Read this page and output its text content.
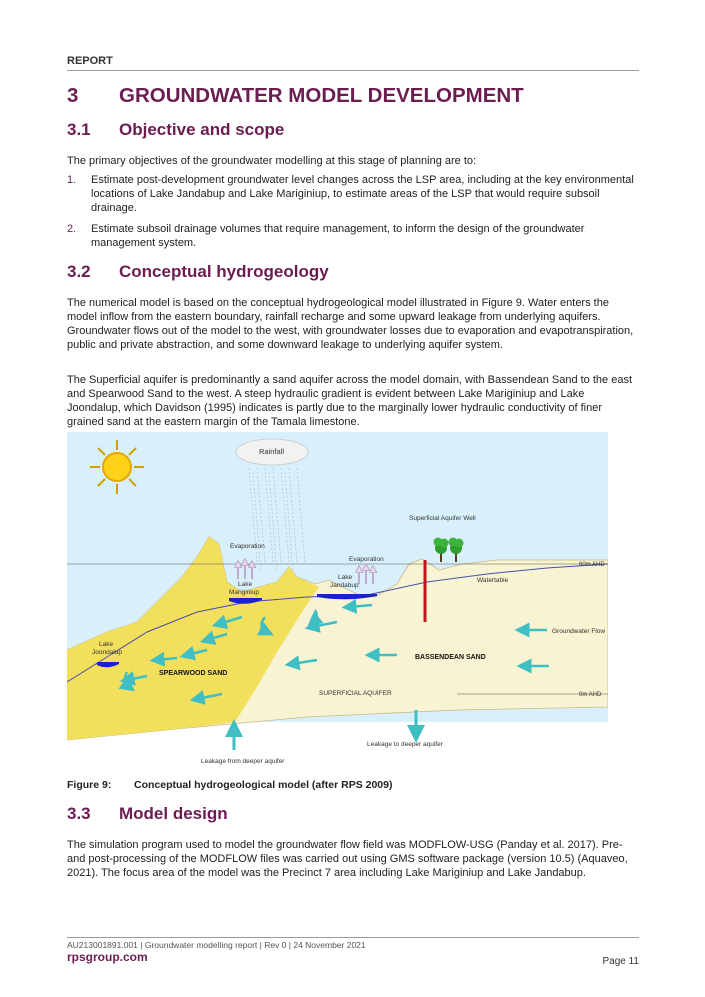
REPORT
3	GROUNDWATER MODEL DEVELOPMENT
3.1	Objective and scope
The primary objectives of the groundwater modelling at this stage of planning are to:
1.	Estimate post-development groundwater level changes across the LSP area, including at the key environmental locations of Lake Jandabup and Lake Mariginiup, to estimate areas of the LSP that would require subsoil drainage.
2.	Estimate subsoil drainage volumes that require management, to inform the design of the groundwater management system.
3.2	Conceptual hydrogeology
The numerical model is based on the conceptual hydrogeological model illustrated in Figure 9. Water enters the model inflow from the eastern boundary, rainfall recharge and some upward leakage from underlying aquifers. Groundwater flows out of the model to the west, with groundwater losses due to evaporation and evapotranspiration, public and private abstraction, and some downward leakage to underlying aquifer system.
The Superficial aquifer is predominantly a sand aquifer across the model domain, with Bassendean Sand to the east and Spearwood Sand to the west. A steep hydraulic gradient is evident between Lake Mariginiup and Lake Joondalup, which Davidson (1995) indicates is partly due to the marginally lower hydraulic conductivity of finer grained sand at the eastern margin of the Tamala limestone.
Rainfall
Evaporation
Evaporation
Lake
Mariginiup
Lake
Jandabup
Lake
Joondalup
Superficial Aquifer Well
Watertable
60m AHD
0m AHD
Groundwater Flow
BASSENDEAN SAND
SPEARWOOD SAND
SUPERFICIAL AQUIFER
Leakage from deeper aquifer
Leakage to deeper aquifer
Figure 9:	Conceptual hydrogeological model (after RPS 2009)
3.3	Model design
The simulation program used to model the groundwater flow field was MODFLOW-USG (Panday et al. 2017). Pre- and post-processing of the MODFLOW files was carried out using GMS software package (version 10.5) (Aquaveo, 2021). The focus area of the model was the Precinct 7 area including Lake Mariginiup and Lake Jandabup.
AU213001891.001 | Groundwater modelling report | Rev 0 | 24 November 2021
rpsgroup.com	Page 11
